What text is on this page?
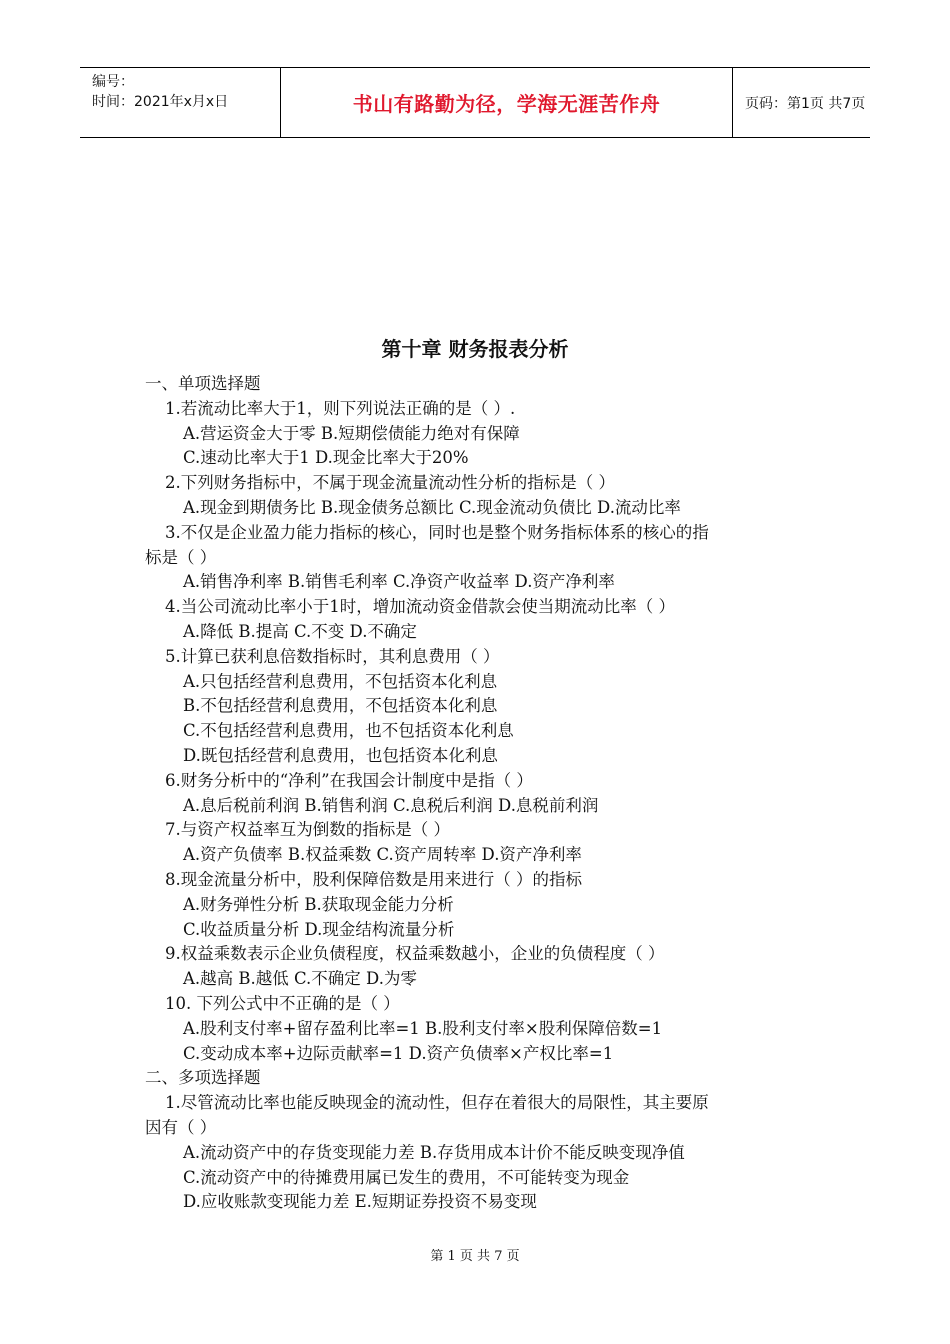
编号：
时间：2021年x月x日	书山有路勤为径，学海无涯苦作舟	页码：第1页 共7页
第十章 财务报表分析
一、单项选择题
1.若流动比率大于1，则下列说法正确的是（ ）.
A.营运资金大于零 B.短期偿债能力绝对有保障
C.速动比率大于1 D.现金比率大于20%
2.下列财务指标中，不属于现金流量流动性分析的指标是（ ）
A.现金到期债务比 B.现金债务总额比 C.现金流动负债比 D.流动比率
3.不仅是企业盈力能力指标的核心，同时也是整个财务指标体系的核心的指
标是（ ）
A.销售净利率 B.销售毛利率 C.净资产收益率 D.资产净利率
4.当公司流动比率小于1时，增加流动资金借款会使当期流动比率（ ）
A.降低 B.提高 C.不变 D.不确定
5.计算已获利息倍数指标时，其利息费用（ ）
A.只包括经营利息费用，不包括资本化利息
B.不包括经营利息费用，不包括资本化利息
C.不包括经营利息费用，也不包括资本化利息
D.既包括经营利息费用，也包括资本化利息
6.财务分析中的“净利”在我国会计制度中是指（ ）
A.息后税前利润 B.销售利润 C.息税后利润 D.息税前利润
7.与资产权益率互为倒数的指标是（ ）
A.资产负债率 B.权益乘数 C.资产周转率 D.资产净利率
8.现金流量分析中，股利保障倍数是用来进行（ ）的指标
A.财务弹性分析 B.获取现金能力分析
C.收益质量分析 D.现金结构流量分析
9.权益乘数表示企业负债程度，权益乘数越小，企业的负债程度（ ）
A.越高 B.越低 C.不确定 D.为零
10. 下列公式中不正确的是（ ）
A.股利支付率+留存盈利比率=1 B.股利支付率×股利保障倍数=1
C.变动成本率+边际贡献率=1 D.资产负债率×产权比率=1
二、多项选择题
1.尽管流动比率也能反映现金的流动性，但存在着很大的局限性，其主要原
因有（ ）
A.流动资产中的存货变现能力差 B.存货用成本计价不能反映变现净值
C.流动资产中的待摊费用属已发生的费用，不可能转变为现金
D.应收账款变现能力差 E.短期证券投资不易变现
第 1 页 共 7 页
